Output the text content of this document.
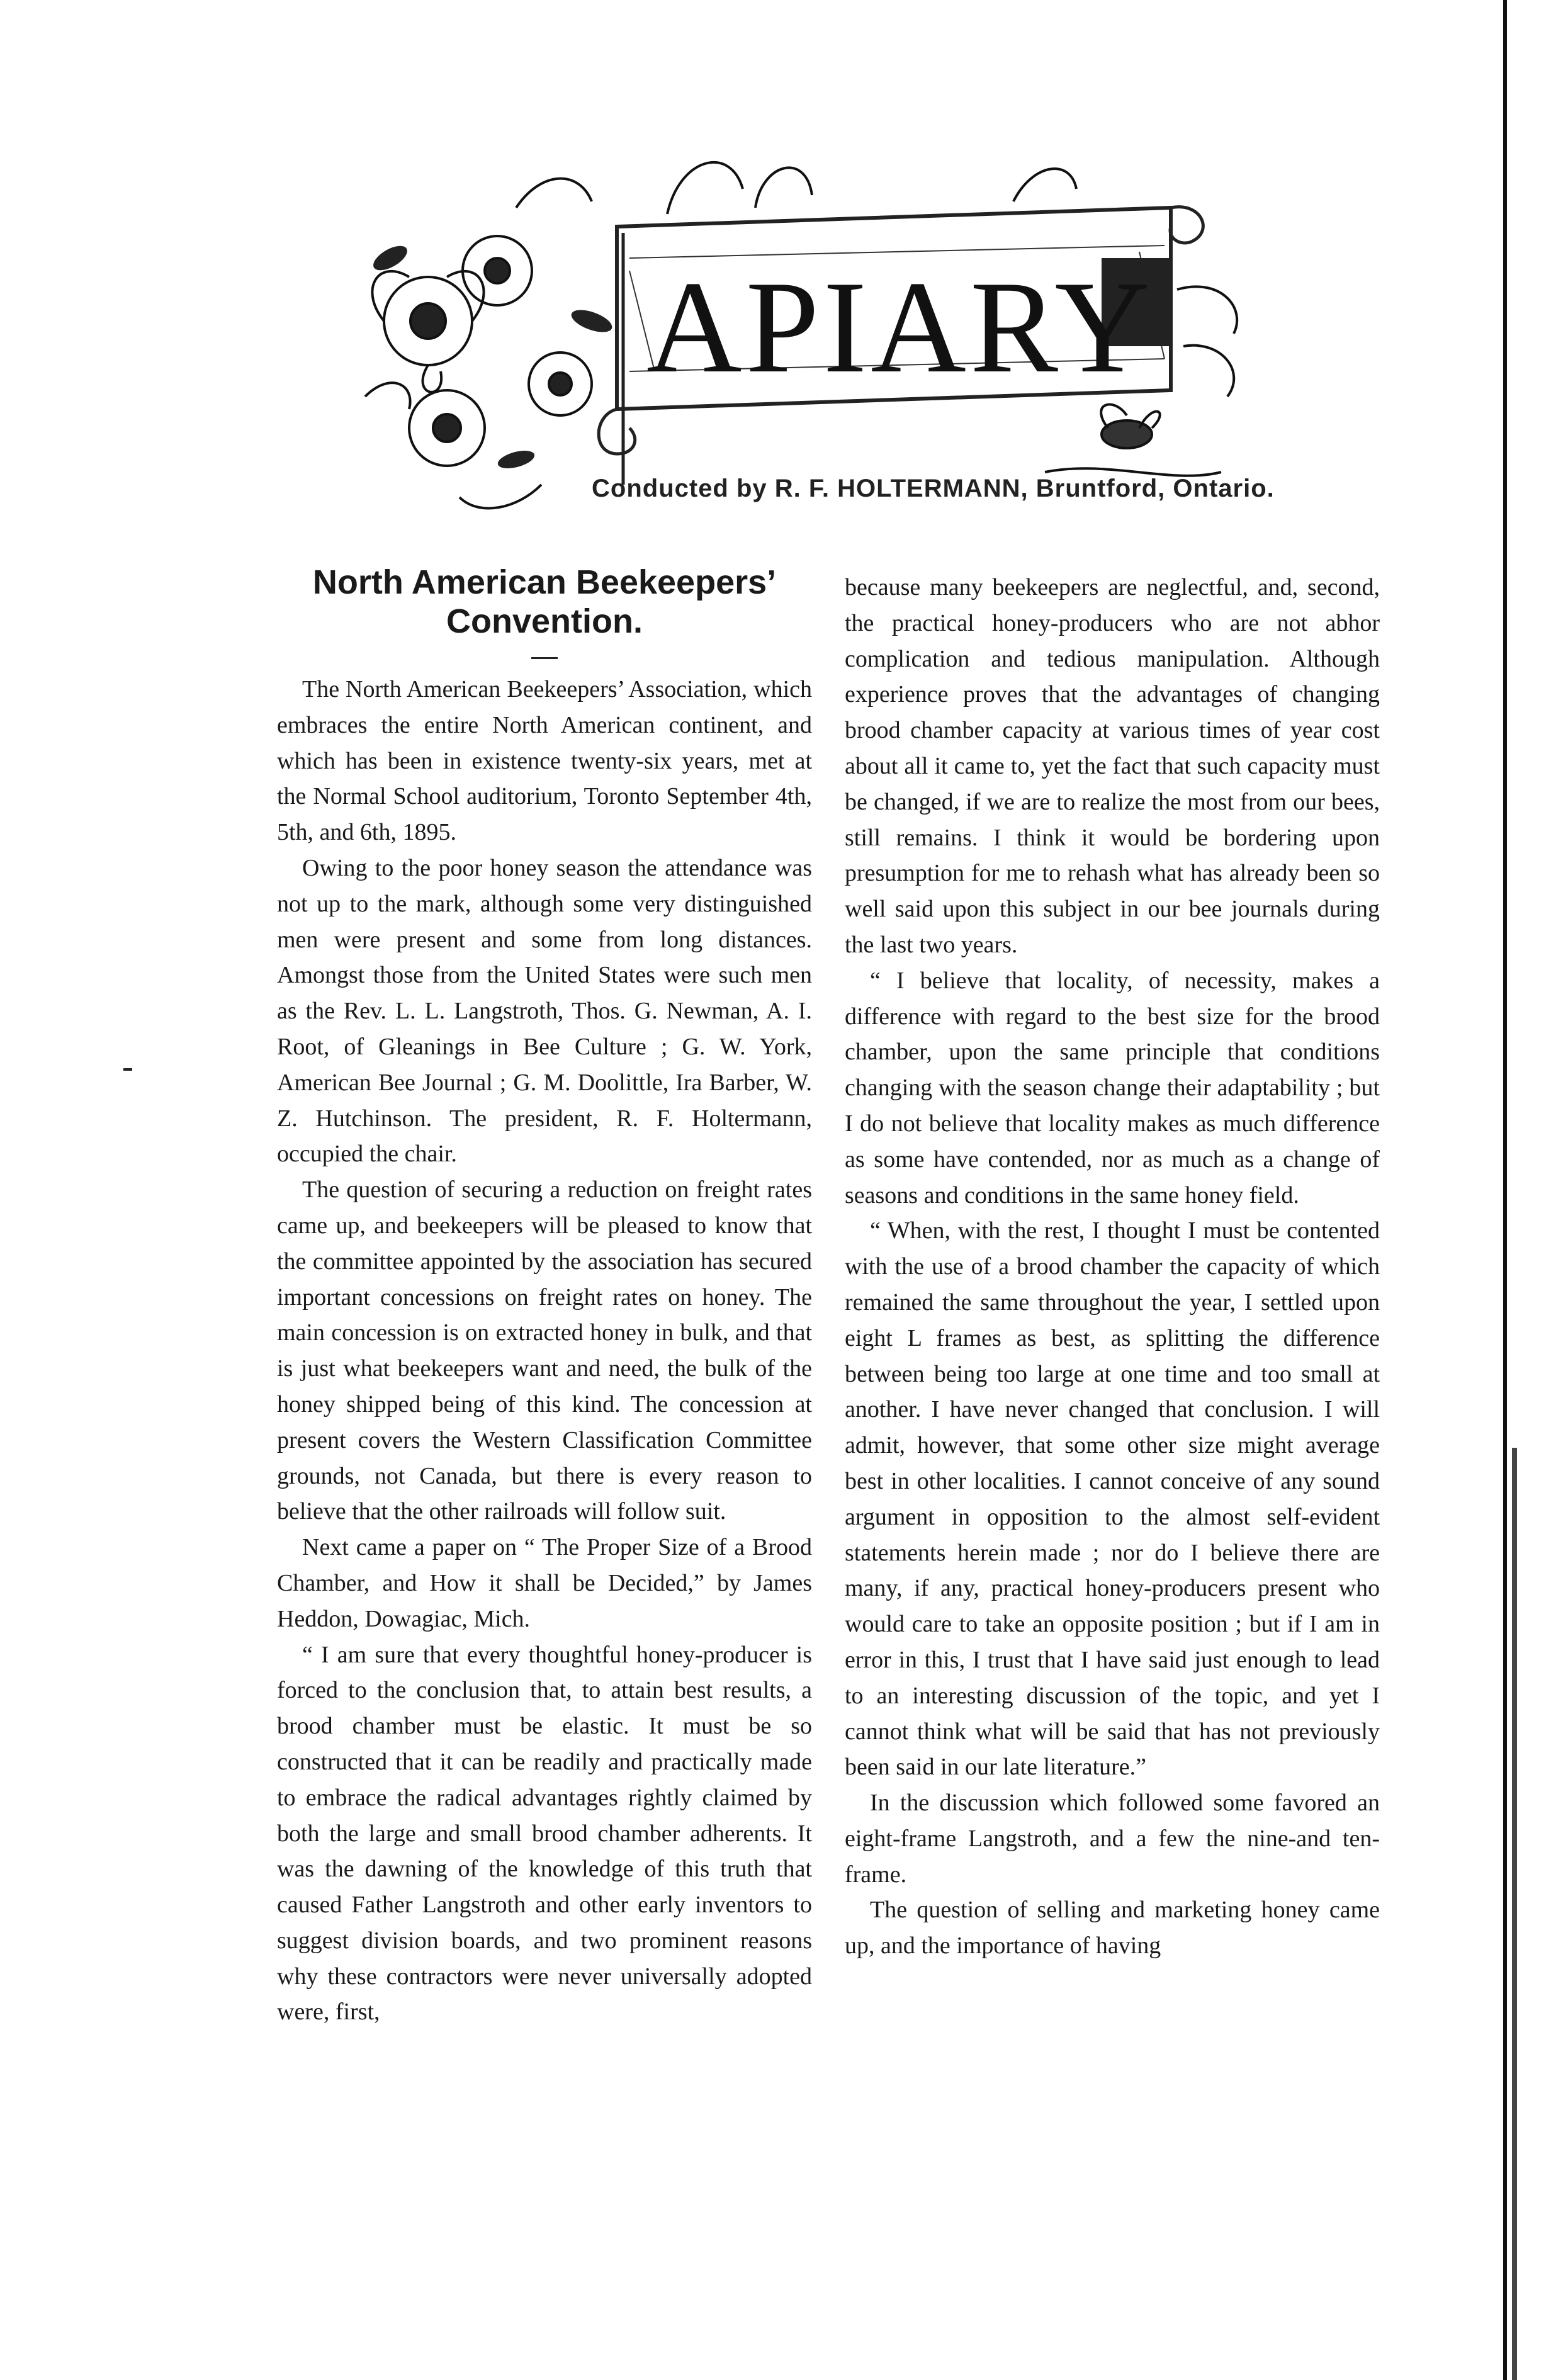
APIARY
Conducted by R. F. HOLTERMANN, Bruntford, Ontario.
North American Beekeepers’
Convention.

The North American Beekeepers’ Association, which embraces the entire North American continent, and which has been in existence twenty-six years, met at the Normal School auditorium, Toronto September 4th, 5th, and 6th, 1895.

Owing to the poor honey season the attendance was not up to the mark, although some very distinguished men were present and some from long distances. Amongst those from the United States were such men as the Rev. L. L. Langstroth, Thos. G. Newman, A. I. Root, of Gleanings in Bee Culture ; G. W. York, American Bee Journal ; G. M. Doolittle, Ira Barber, W. Z. Hutchinson. The president, R. F. Holtermann, occupied the chair.

The question of securing a reduction on freight rates came up, and beekeepers will be pleased to know that the committee appointed by the association has secured important concessions on freight rates on honey. The main concession is on extracted honey in bulk, and that is just what beekeepers want and need, the bulk of the honey shipped being of this kind. The concession at present covers the Western Classification Committee grounds, not Canada, but there is every reason to believe that the other railroads will follow suit.

Next came a paper on “ The Proper Size of a Brood Chamber, and How it shall be Decided,” by James Heddon, Dowagiac, Mich.

“ I am sure that every thoughtful honey-producer is forced to the conclusion that, to attain best results, a brood chamber must be elastic. It must be so constructed that it can be readily and practically made to embrace the radical advantages rightly claimed by both the large and small brood chamber adherents. It was the dawning of the knowledge of this truth that caused Father Langstroth and other early inventors to suggest division boards, and two prominent reasons why these contractors were never universally adopted were, first,

because many beekeepers are neglectful, and, second, the practical honey-producers who are not abhor complication and tedious manipulation. Although experience proves that the advantages of changing brood chamber capacity at various times of year cost about all it came to, yet the fact that such capacity must be changed, if we are to realize the most from our bees, still remains. I think it would be bordering upon presumption for me to rehash what has already been so well said upon this subject in our bee journals during the last two years.

“ I believe that locality, of necessity, makes a difference with regard to the best size for the brood chamber, upon the same principle that conditions changing with the season change their adaptability ; but I do not believe that locality makes as much difference as some have contended, nor as much as a change of seasons and conditions in the same honey field.

“ When, with the rest, I thought I must be contented with the use of a brood chamber the capacity of which remained the same throughout the year, I settled upon eight L frames as best, as splitting the difference between being too large at one time and too small at another. I have never changed that conclusion. I will admit, however, that some other size might average best in other localities. I cannot conceive of any sound argument in opposition to the almost self-evident statements herein made ; nor do I believe there are many, if any, practical honey-producers present who would care to take an opposite position ; but if I am in error in this, I trust that I have said just enough to lead to an interesting discussion of the topic, and yet I cannot think what will be said that has not previously been said in our late literature.”

In the discussion which followed some favored an eight-frame Langstroth, and a few the nine-and ten-frame.

The question of selling and marketing honey came up, and the importance of having
